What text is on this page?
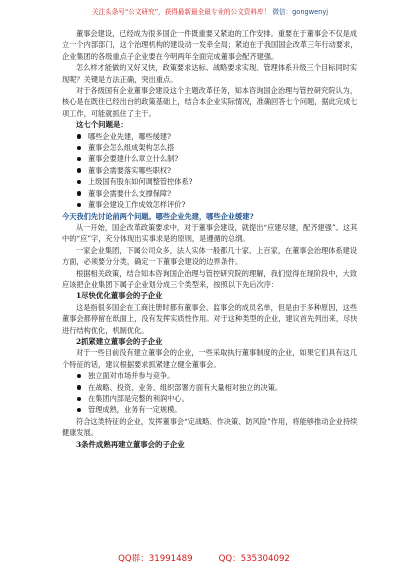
关注头条号“公文研究”，获得最新最全最专业的公文资料库！ 微信：gongwenyj

董事会建设，已经成为很多国企一件既重要又紧迫的工作安排。重要在于董事会不仅是成立一个内部部门，这个治理机构的建设动一发牵全局；紧迫在于我国国企改革三年行动要求，企业集团的各级重点子企业要在今明两年全面完成董事会配齐建强。

怎么样才能做的又好又快，政策要求达标、战略要求实现、管理体系升级三个目标同时实现呢？关键是方法正确，突出重点。

对于各级国有企业董事会建设这个主题改革任务，知本咨询国企治理与管控研究院认为，核心是在既往已经出台的政策基础上，结合本企业实际情况，准确回答七个问题，据此完成七项工作，可能就抓住了主干。

这七个问题是：
哪些企业先建，哪些缓建?
董事会怎么组成架构怎么搭
董事会要建什么章立什么制?
董事会需要落实哪些职权?
上级国有股东如何调整管控体系?
董事会需要什么支撑保障?
董事会建设工作成效怎样评价?

今天我们先讨论前两个问题。哪些企业先建，哪些企业缓建?

从一开始，国企改革政策要求中，对于董事会建设，就提出“应建尽建，配齐建强”。这其中的“应”字，充分体现出实事求是的原则，是遵循的总纲。

一家企业集团，下属公司众多，法人实体一般都几十家、上百家，在董事会治理体系建设方面，必须要分分类，确定一下董事会建设的边界条件。

根据相关政策，结合知本咨询国企治理与管控研究院的理解，我们觉得在现阶段中，大致应该把企业集团下属子企业划分成三个类型来，按照以下先后次序：

1尽快优化董事会的子企业

这是指很多国企在工商注册时都有董事会、监事会的成员名单，但是由于多种原因，这些董事会都停留在纸面上，没有发挥实质性作用。对于这种类型的企业，建议首先列出来，尽快进行结构优化，机制优化。

2抓紧建立董事会的子企业

对于一些目前没有建立董事会的企业，一些采取执行董事制度的企业，如果它们具有这几个特征的话，建议根据要求抓紧建立健全董事会。

独立面对市场并参与竞争。
在战略、投资、业务、组织部署方面有大量相对独立的决策。
在集团内部是完整的利润中心。
管理成熟，业务有一定规模。

符合这类特征的企业，发挥董事会“定战略、作决策、防风险”作用，将能够推动企业持续健康发展。

3条件成熟再建立董事会的子企业
QQ群：31991489	QQ：535304092
